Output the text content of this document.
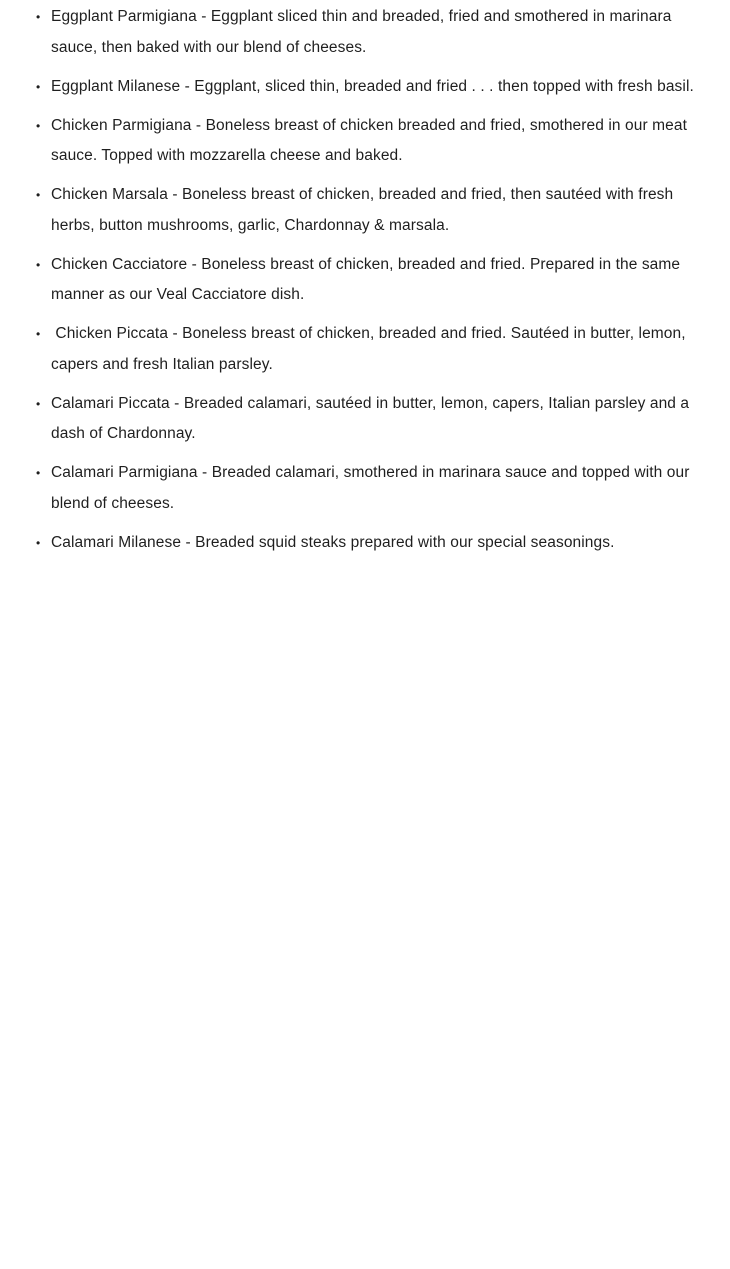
• Eggplant Parmigiana - Eggplant sliced thin and breaded, fried and smothered in marinara sauce, then baked with our blend of cheeses.
• Eggplant Milanese - Eggplant, sliced thin, breaded and fried . . . then topped with fresh basil.
• Chicken Parmigiana - Boneless breast of chicken breaded and fried, smothered in our meat sauce. Topped with mozzarella cheese and baked.
• Chicken Marsala - Boneless breast of chicken, breaded and fried, then sautéed with fresh herbs, button mushrooms, garlic, Chardonnay & marsala.
• Chicken Cacciatore - Boneless breast of chicken, breaded and fried. Prepared in the same manner as our Veal Cacciatore dish.
• Chicken Piccata - Boneless breast of chicken, breaded and fried. Sautéed in butter, lemon, capers and fresh Italian parsley.
• Calamari Piccata - Breaded calamari, sautéed in butter, lemon, capers, Italian parsley and a dash of Chardonnay.
• Calamari Parmigiana - Breaded calamari, smothered in marinara sauce and topped with our blend of cheeses.
• Calamari Milanese - Breaded squid steaks prepared with our special seasonings.
